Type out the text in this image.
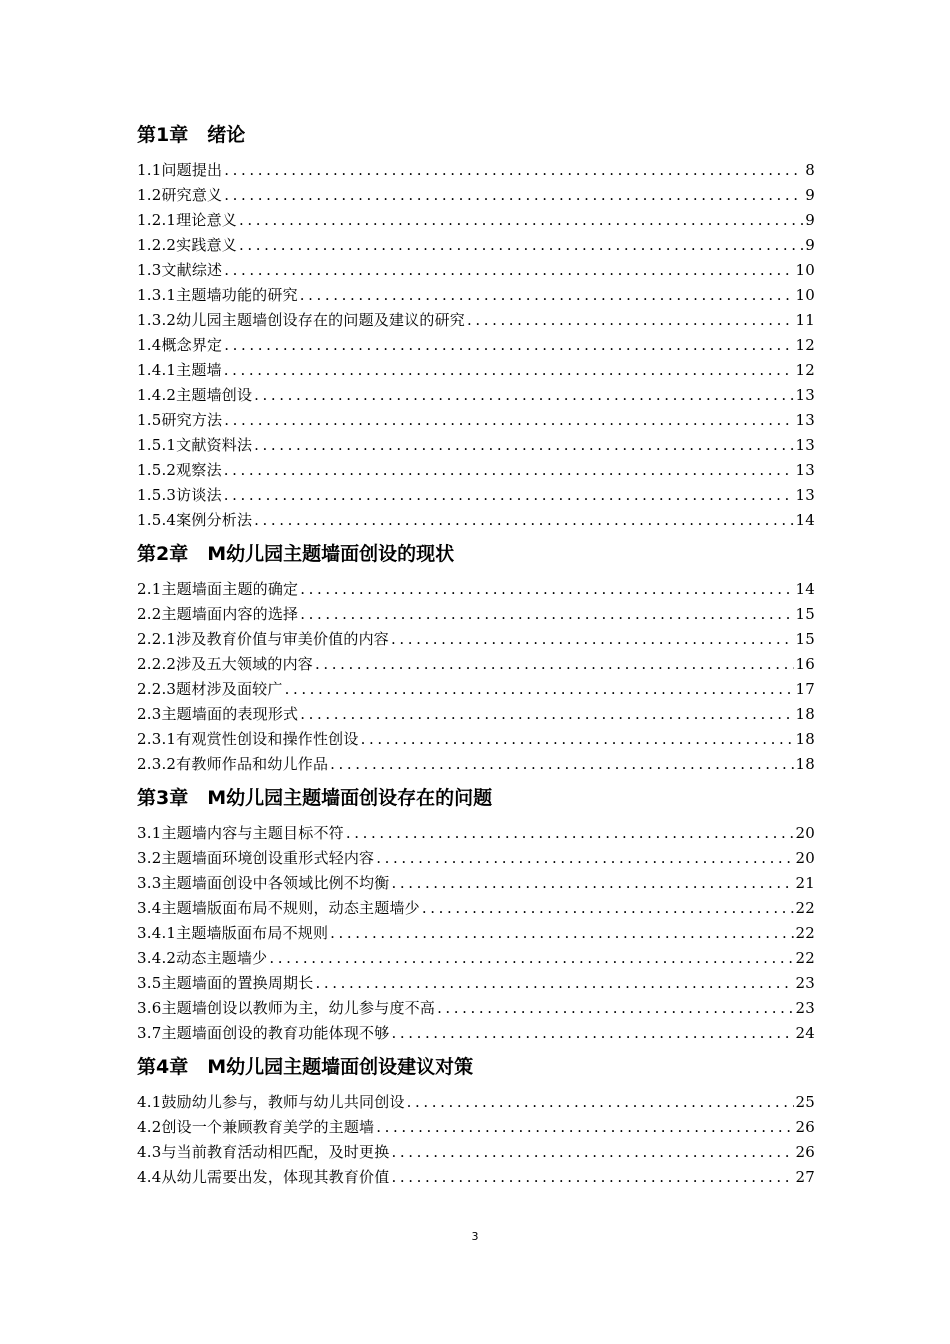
第1章　绪论
1.1问题提出 .....	8
1.2研究意义 .....	9
1.2.1理论意义 .....	9
1.2.2实践意义 .....	9
1.3文献综述 .....	10
1.3.1主题墙功能的研究 .....	10
1.3.2幼儿园主题墙创设存在的问题及建议的研究 .....	11
1.4概念界定 .....	12
1.4.1主题墙 .....	12
1.4.2主题墙创设 .....	13
1.5研究方法 .....	13
1.5.1文献资料法 .....	13
1.5.2观察法 .....	13
1.5.3访谈法 .....	13
1.5.4案例分析法 .....	14
第2章　M幼儿园主题墙面创设的现状
2.1主题墙面主题的确定 .....	14
2.2主题墙面内容的选择 .....	15
2.2.1涉及教育价值与审美价值的内容 .....	15
2.2.2涉及五大领域的内容 .....	16
2.2.3题材涉及面较广 .....	17
2.3主题墙面的表现形式 .....	18
2.3.1有观赏性创设和操作性创设 .....	18
2.3.2有教师作品和幼儿作品 .....	18
第3章　M幼儿园主题墙面创设存在的问题
3.1主题墙内容与主题目标不符 .....	20
3.2主题墙面环境创设重形式轻内容 .....	20
3.3主题墙面创设中各领域比例不均衡 .....	21
3.4主题墙版面布局不规则，动态主题墙少 .....	22
3.4.1主题墙版面布局不规则 .....	22
3.4.2动态主题墙少 .....	22
3.5主题墙面的置换周期长 .....	23
3.6主题墙创设以教师为主，幼儿参与度不高 .....	23
3.7主题墙面创设的教育功能体现不够 .....	24
第4章　M幼儿园主题墙面创设建议对策
4.1鼓励幼儿参与，教师与幼儿共同创设 .....	25
4.2创设一个兼顾教育美学的主题墙 .....	26
4.3与当前教育活动相匹配，及时更换 .....	26
4.4从幼儿需要出发，体现其教育价值 .....	27
3
